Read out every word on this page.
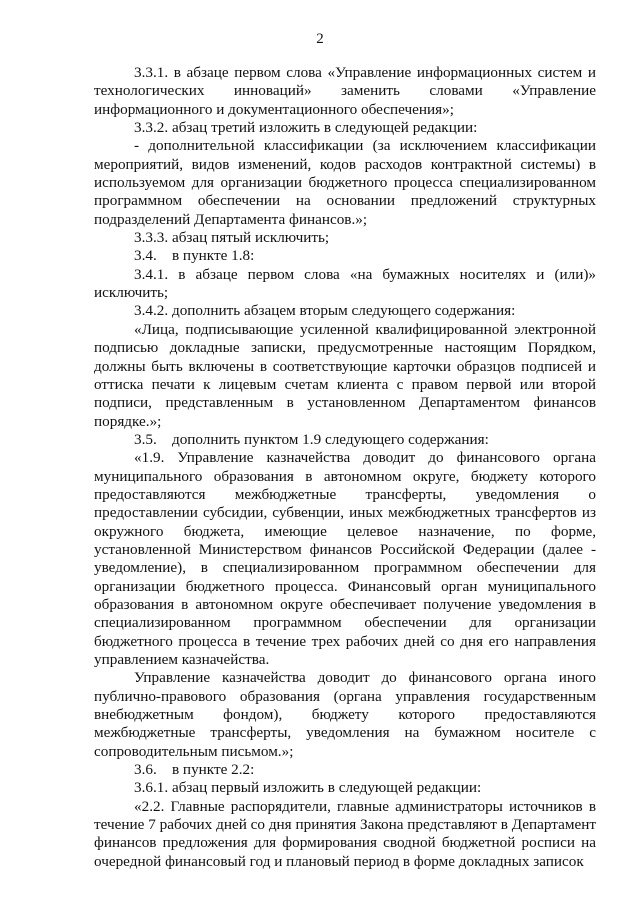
2

3.3.1. в абзаце первом слова «Управление информационных систем и технологических инноваций» заменить словами «Управление информационного и документационного обеспечения»;

3.3.2. абзац третий изложить в следующей редакции:

- дополнительной классификации (за исключением классификации мероприятий, видов изменений, кодов расходов контрактной системы) в используемом для организации бюджетного процесса специализированном программном обеспечении на основании предложений структурных подразделений Департамента финансов.»;

3.3.3. абзац пятый исключить;

3.4.    в пункте 1.8:

3.4.1. в абзаце первом слова «на бумажных носителях и (или)» исключить;

3.4.2. дополнить абзацем вторым следующего содержания:

«Лица, подписывающие усиленной квалифицированной электронной подписью докладные записки, предусмотренные настоящим Порядком, должны быть включены в соответствующие карточки образцов подписей и оттиска печати к лицевым счетам клиента с правом первой или второй подписи, представленным в установленном Департаментом финансов порядке.»;

3.5.    дополнить пунктом 1.9 следующего содержания:

«1.9. Управление казначейства доводит до финансового органа муниципального образования в автономном округе, бюджету которого предоставляются межбюджетные трансферты, уведомления о предоставлении субсидии, субвенции, иных межбюджетных трансфертов из окружного бюджета, имеющие целевое назначение, по форме, установленной Министерством финансов Российской Федерации (далее - уведомление), в специализированном программном обеспечении для организации бюджетного процесса. Финансовый орган муниципального образования в автономном округе обеспечивает получение уведомления в специализированном программном обеспечении для организации бюджетного процесса в течение трех рабочих дней со дня его направления управлением казначейства.

Управление казначейства доводит до финансового органа иного публично-правового образования (органа управления государственным внебюджетным фондом), бюджету которого предоставляются межбюджетные трансферты, уведомления на бумажном носителе с сопроводительным письмом.»;

3.6.    в пункте 2.2:

3.6.1. абзац первый изложить в следующей редакции:

«2.2. Главные распорядители, главные администраторы источников в течение 7 рабочих дней со дня принятия Закона представляют в Департамент финансов предложения для формирования сводной бюджетной росписи на очередной финансовый год и плановый период в форме докладных записок
